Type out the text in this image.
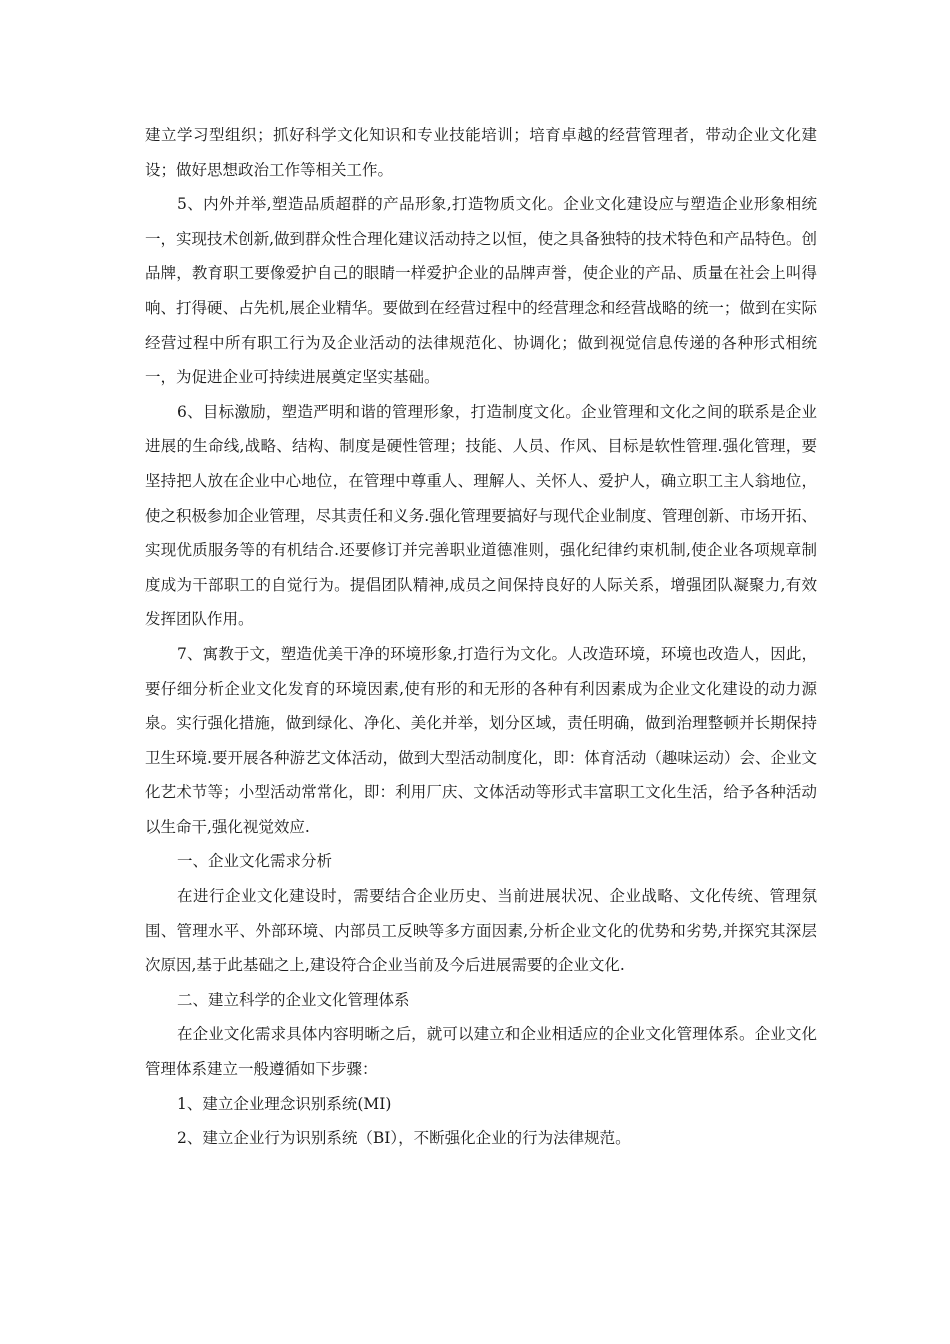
建立学习型组织；抓好科学文化知识和专业技能培训；培育卓越的经营管理者，带动企业文化建设；做好思想政治工作等相关工作。

5、内外并举,塑造品质超群的产品形象,打造物质文化。企业文化建设应与塑造企业形象相统一，实现技术创新,做到群众性合理化建议活动持之以恒，使之具备独特的技术特色和产品特色。创品牌，教育职工要像爱护自己的眼睛一样爱护企业的品牌声誉，使企业的产品、质量在社会上叫得响、打得硬、占先机,展企业精华。要做到在经营过程中的经营理念和经营战略的统一；做到在实际经营过程中所有职工行为及企业活动的法律规范化、协调化；做到视觉信息传递的各种形式相统一，为促进企业可持续进展奠定坚实基础。

6、目标激励，塑造严明和谐的管理形象，打造制度文化。企业管理和文化之间的联系是企业进展的生命线,战略、结构、制度是硬性管理；技能、人员、作风、目标是软性管理.强化管理，要坚持把人放在企业中心地位，在管理中尊重人、理解人、关怀人、爱护人，确立职工主人翁地位，使之积极参加企业管理，尽其责任和义务.强化管理要搞好与现代企业制度、管理创新、市场开拓、实现优质服务等的有机结合.还要修订并完善职业道德准则，强化纪律约束机制,使企业各项规章制度成为干部职工的自觉行为。提倡团队精神,成员之间保持良好的人际关系，增强团队凝聚力,有效发挥团队作用。

7、寓教于文，塑造优美干净的环境形象,打造行为文化。人改造环境，环境也改造人，因此，要仔细分析企业文化发育的环境因素,使有形的和无形的各种有利因素成为企业文化建设的动力源泉。实行强化措施，做到绿化、净化、美化并举，划分区域，责任明确，做到治理整顿并长期保持卫生环境.要开展各种游艺文体活动，做到大型活动制度化，即：体育活动（趣味运动）会、企业文化艺术节等；小型活动常常化，即：利用厂庆、文体活动等形式丰富职工文化生活，给予各种活动以生命干,强化视觉效应.

一、企业文化需求分析

在进行企业文化建设时，需要结合企业历史、当前进展状况、企业战略、文化传统、管理氛围、管理水平、外部环境、内部员工反映等多方面因素,分析企业文化的优势和劣势,并探究其深层次原因,基于此基础之上,建设符合企业当前及今后进展需要的企业文化.

二、建立科学的企业文化管理体系

在企业文化需求具体内容明晰之后，就可以建立和企业相适应的企业文化管理体系。企业文化管理体系建立一般遵循如下步骤：

1、建立企业理念识别系统(MI)

2、建立企业行为识别系统（BI），不断强化企业的行为法律规范。
